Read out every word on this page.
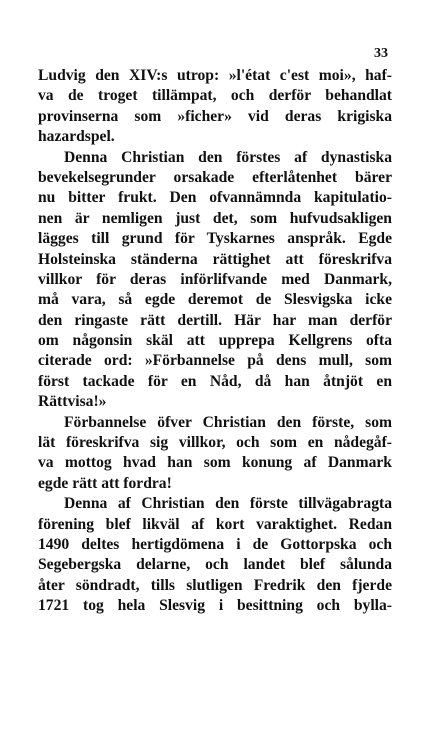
33
Ludvig den XIV:s utrop: »l'état c'est moi», haf-
va de troget tillämpat, och derför behandlat
provinserna som »ficher» vid deras krigiska
hazardspel.
Denna Christian den förstes af dynastiska
bevekelsegrunder orsakade efterlåtenhet bärer
nu bitter frukt. Den ofvannämnda kapitulatio-
nen är nemligen just det, som hufvudsakligen
lägges till grund för Tyskarnes anspråk. Egde
Holsteinska ständerna rättighet att föreskrifva
villkor för deras införlifvande med Danmark,
må vara, så egde deremot de Slesvigska icke
den ringaste rätt dertill. Här har man derför
om någonsin skäl att upprepa Kellgrens ofta
citerade ord: »Förbannelse på dens mull, som
först tackade för en Nåd, då han åtnjöt en
Rättvisa!»
Förbannelse öfver Christian den förste, som
lät föreskrifva sig villkor, och som en nådegåf-
va mottog hvad han som konung af Danmark
egde rätt att fordra!
Denna af Christian den förste tillvägabragta
förening blef likväl af kort varaktighet. Redan
1490 deltes hertigdömena i de Gottorpska och
Segebergska delarne, och landet blef sålunda
åter söndradt, tills slutligen Fredrik den fjerde
1721 tog hela Slesvig i besittning och bylla-
